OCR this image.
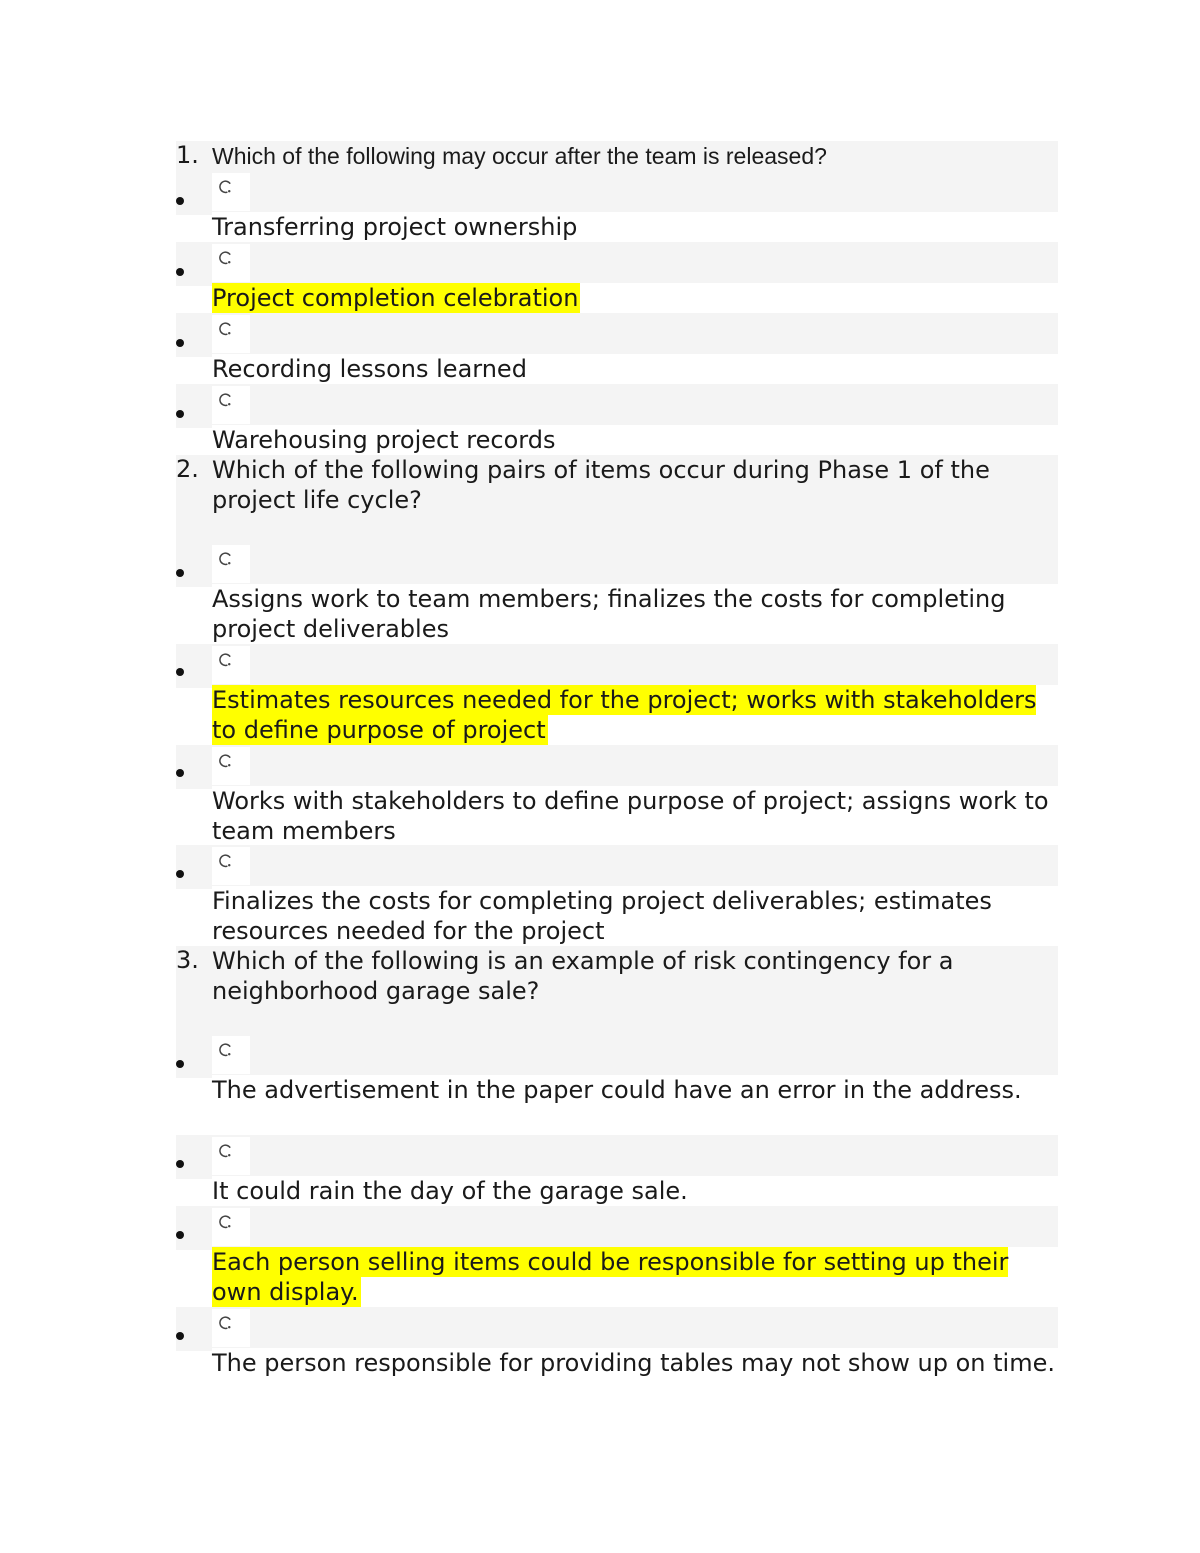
1. Which of the following may occur after the team is released?
Transferring project ownership
Project completion celebration
Recording lessons learned
Warehousing project records
2. Which of the following pairs of items occur during Phase 1 of the project life cycle?
Assigns work to team members; finalizes the costs for completing project deliverables
Estimates resources needed for the project; works with stakeholders to define purpose of project
Works with stakeholders to define purpose of project; assigns work to team members
Finalizes the costs for completing project deliverables; estimates resources needed for the project
3. Which of the following is an example of risk contingency for a neighborhood garage sale?
The advertisement in the paper could have an error in the address.
It could rain the day of the garage sale.
Each person selling items could be responsible for setting up their own display.
The person responsible for providing tables may not show up on time.
